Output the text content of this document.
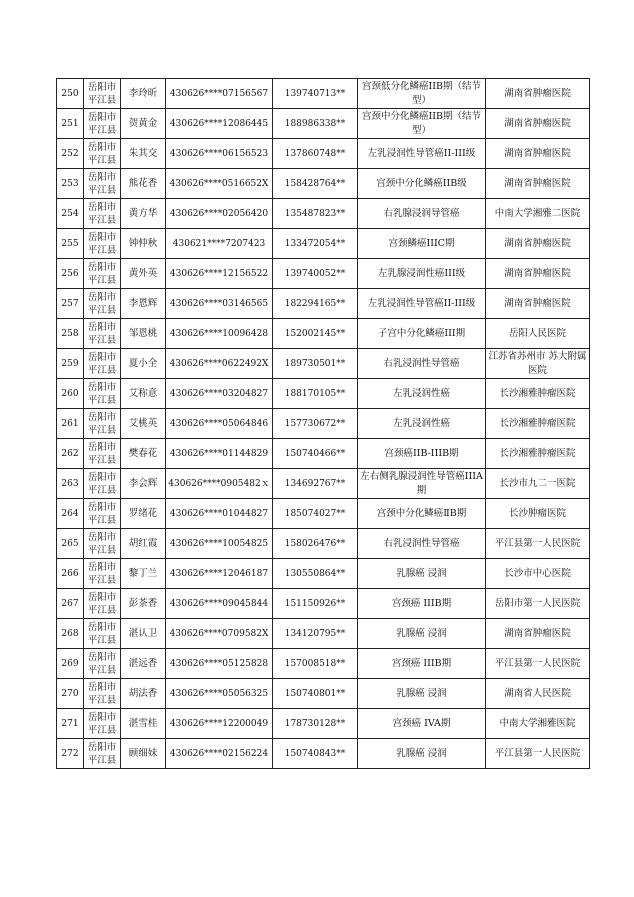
250	岳阳市平江县	李玲昕	430626****07156567	139740713**	宫颈低分化鳞癌IIB期（结节型）	湖南省肿瘤医院
251	岳阳市平江县	贺黄金	430626****12086445	188986338**	宫颈中分化鳞癌IIB期（结节型）	湖南省肿瘤医院
252	岳阳市平江县	朱其交	430626****06156523	137860748**	左乳浸润性导管癌II-III级	湖南省肿瘤医院
253	岳阳市平江县	熊花香	430626****0516652X	158428764**	宫颈中分化鳞癌IIB级	湖南省肿瘤医院
254	岳阳市平江县	黄方华	430626****02056420	135487823**	右乳腺浸润导管癌	中南大学湘雅二医院
255	岳阳市平江县	钟仲秋	430621****7207423	133472054**	宫颈鳞癌IIIC期	湖南省肿瘤医院
256	岳阳市平江县	黄外英	430626****12156522	139740052**	左乳腺浸润性癌III级	湖南省肿瘤医院
257	岳阳市平江县	李恩辉	430626****03146565	182294165**	左乳浸润性导管癌II-III级	湖南省肿瘤医院
258	岳阳市平江县	邹恩桃	430626****10096428	152002145**	子宫中分化鳞癌III期	岳阳人民医院
259	岳阳市平江县	夏小全	430626****0622492X	189730501**	右乳浸润性导管癌	江苏省苏州市 苏大附属医院
260	岳阳市平江县	艾称意	430626****03204827	188170105**	左乳浸润性癌	长沙湘雅肿瘤医院
261	岳阳市平江县	艾桃英	430626****05064846	157730672**	左乳浸润性癌	长沙湘雅肿瘤医院
262	岳阳市平江县	樊春花	430626****01144829	150740466**	宫颈癌IIB-IIIB期	长沙湘雅肿瘤医院
263	岳阳市平江县	李会辉	430626****0905482ｘ	134692767**	左右侧乳腺浸润性导管癌IIIA期	长沙市九二一医院
264	岳阳市平江县	罗绪花	430626****01044827	185074027**	宫颈中分化鳞癌ⅡB期	长沙肿瘤医院
265	岳阳市平江县	胡红霞	430626****10054825	158026476**	右乳浸润性导管癌	平江县第一人民医院
266	岳阳市平江县	黎丁兰	430626****12046187	130550864**	乳腺癌 浸润	长沙市中心医院
267	岳阳市平江县	彭茶香	430626****09045844	151150926**	宫颈癌 IIIB期	岳阳市第一人民医院
268	岳阳市平江县	湛认卫	430626****0709582X	134120795**	乳腺癌 浸润	湖南省肿瘤医院
269	岳阳市平江县	湛远香	430626****05125828	157008518**	宫颈癌 IIIB期	平江县第一人民医院
270	岳阳市平江县	胡法香	430626****05056325	150740801**	乳腺癌 浸润	湖南省人民医院
271	岳阳市平江县	湛雪桂	430626****12200049	178730128**	宫颈癌 IVA期	中南大学湘雅医院
272	岳阳市平江县	顾细妹	430626****02156224	150740843**	乳腺癌 浸润	平江县第一人民医院
